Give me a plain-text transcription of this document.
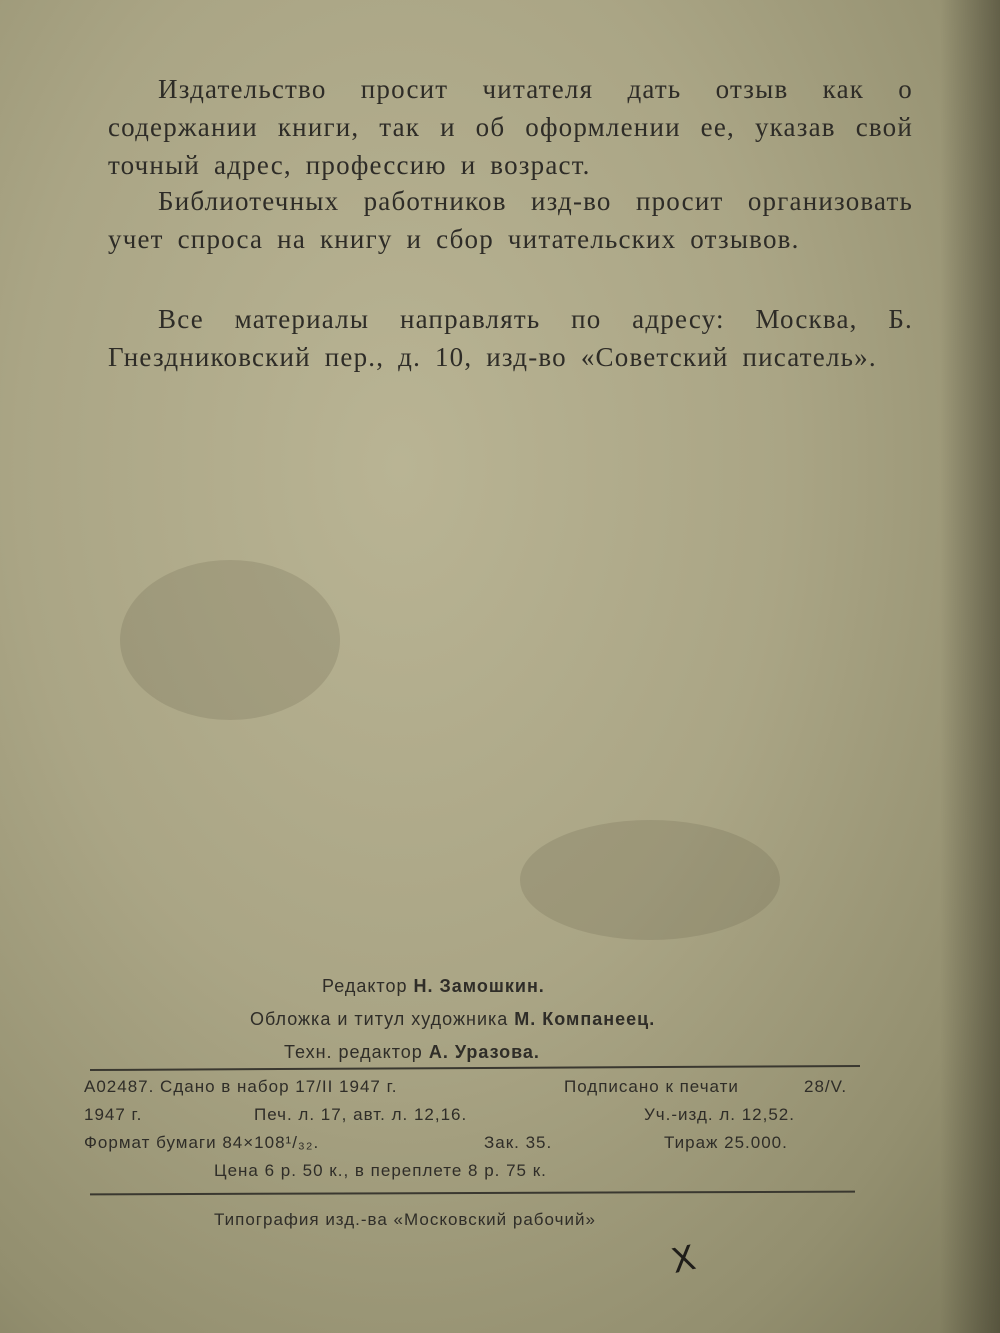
Издательство просит читателя дать отзыв как о содержании книги, так и об оформлении ее, указав свой точный адрес, профессию и возраст.
Библиотечных работников изд-во просит организовать учет спроса на книгу и сбор читательских отзывов.
Все материалы направлять по адресу: Москва, Б. Гнездниковский пер., д. 10, изд-во «Советский писатель».
Редактор Н. Замошкин.
Обложка и титул художника М. Компанеец.
Техн. редактор А. Уразова.
А02487. Сдано в набор 17/II 1947 г.	Подписано к печати	28/V.
1947 г.	Печ. л. 17, авт. л. 12,16.	Уч.-изд. л. 12,52.
Формат бумаги 84×108¹/₃₂.	Зак. 35.	Тираж 25.000.
Цена 6 р. 50 к., в переплете 8 р. 75 к.
Типография изд.-ва «Московский рабочий»
Х
